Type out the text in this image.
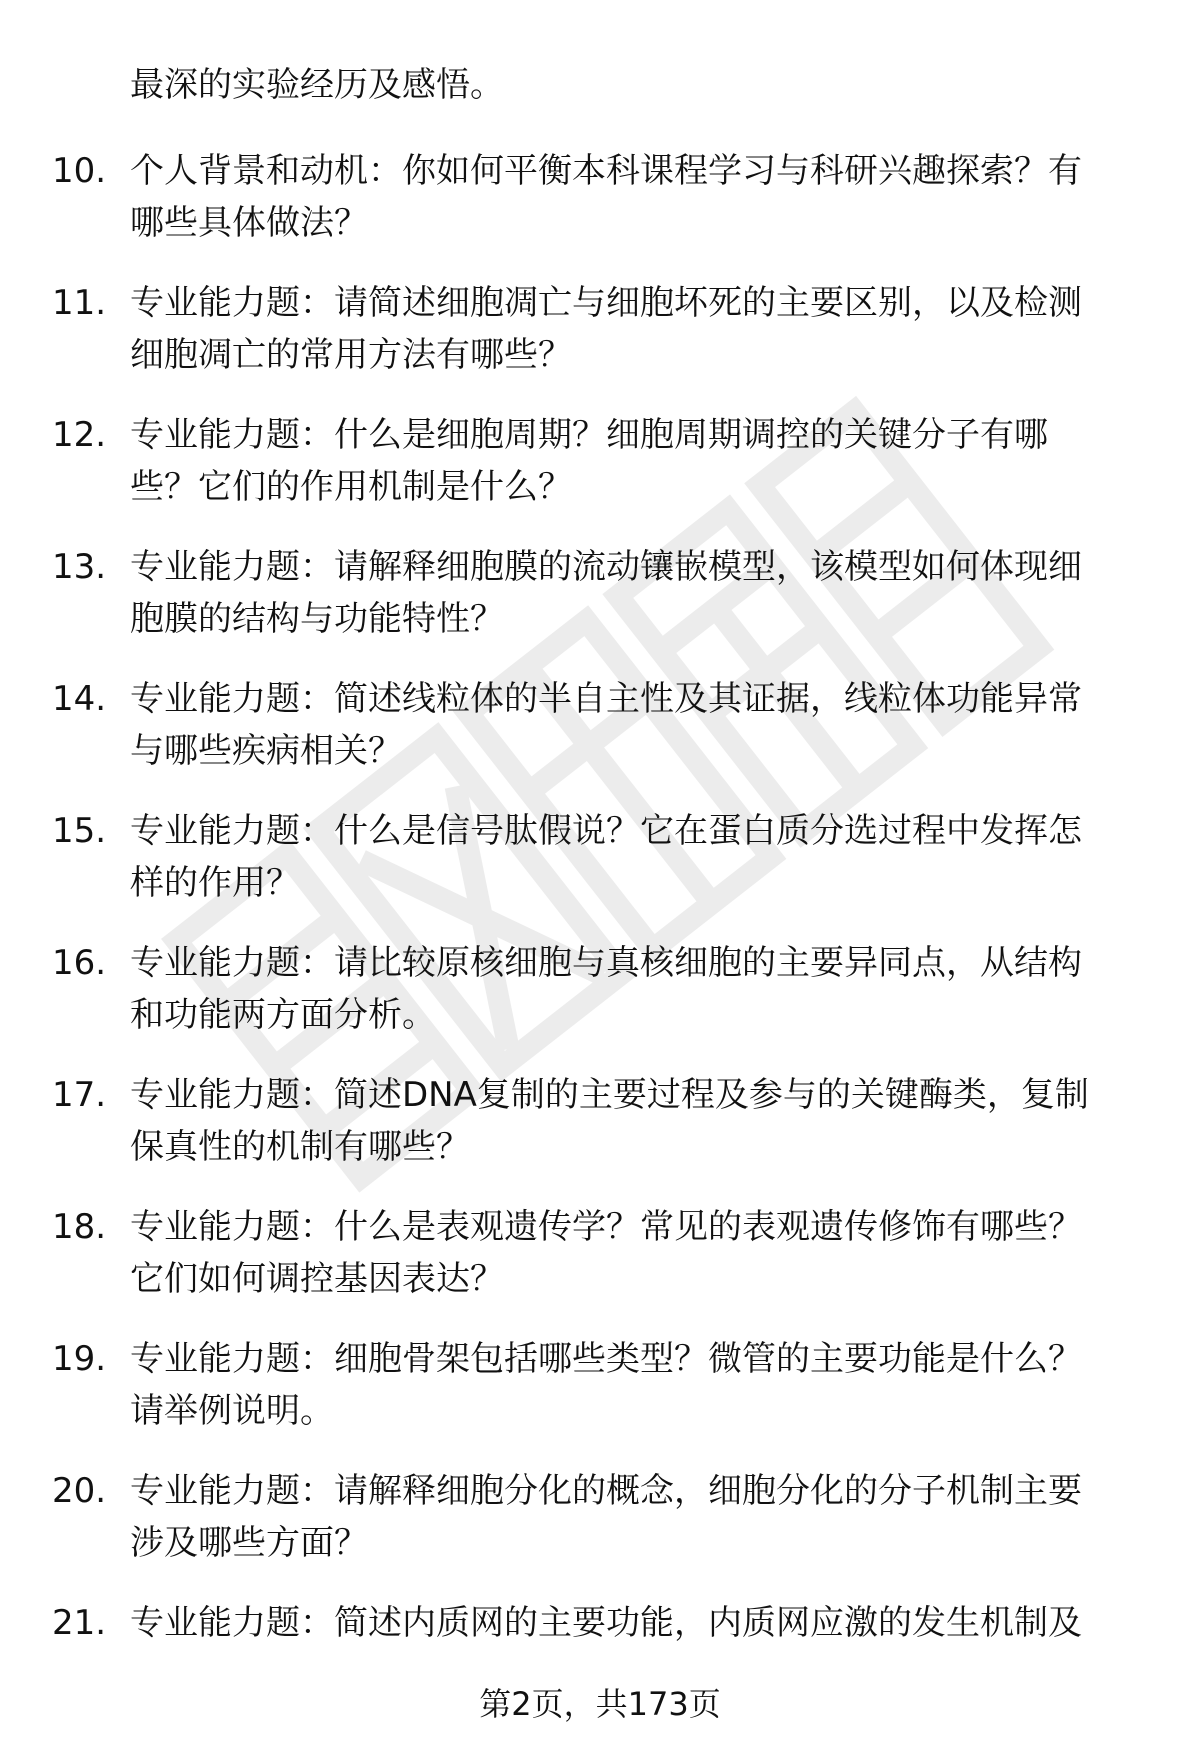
最深的实验经历及感悟。
10. 个人背景和动机：你如何平衡本科课程学习与科研兴趣探索？有
哪些具体做法？
11. 专业能力题：请简述细胞凋亡与细胞坏死的主要区别，以及检测
细胞凋亡的常用方法有哪些？
12. 专业能力题：什么是细胞周期？细胞周期调控的关键分子有哪
些？它们的作用机制是什么？
13. 专业能力题：请解释细胞膜的流动镶嵌模型，该模型如何体现细
胞膜的结构与功能特性？
14. 专业能力题：简述线粒体的半自主性及其证据，线粒体功能异常
与哪些疾病相关？
15. 专业能力题：什么是信号肽假说？它在蛋白质分选过程中发挥怎
样的作用？
16. 专业能力题：请比较原核细胞与真核细胞的主要异同点，从结构
和功能两方面分析。
17. 专业能力题：简述DNA复制的主要过程及参与的关键酶类，复制
保真性的机制有哪些？
18. 专业能力题：什么是表观遗传学？常见的表观遗传修饰有哪些？
它们如何调控基因表达？
19. 专业能力题：细胞骨架包括哪些类型？微管的主要功能是什么？
请举例说明。
20. 专业能力题：请解释细胞分化的概念，细胞分化的分子机制主要
涉及哪些方面？
21. 专业能力题：简述内质网的主要功能，内质网应激的发生机制及
第2页，共173页
